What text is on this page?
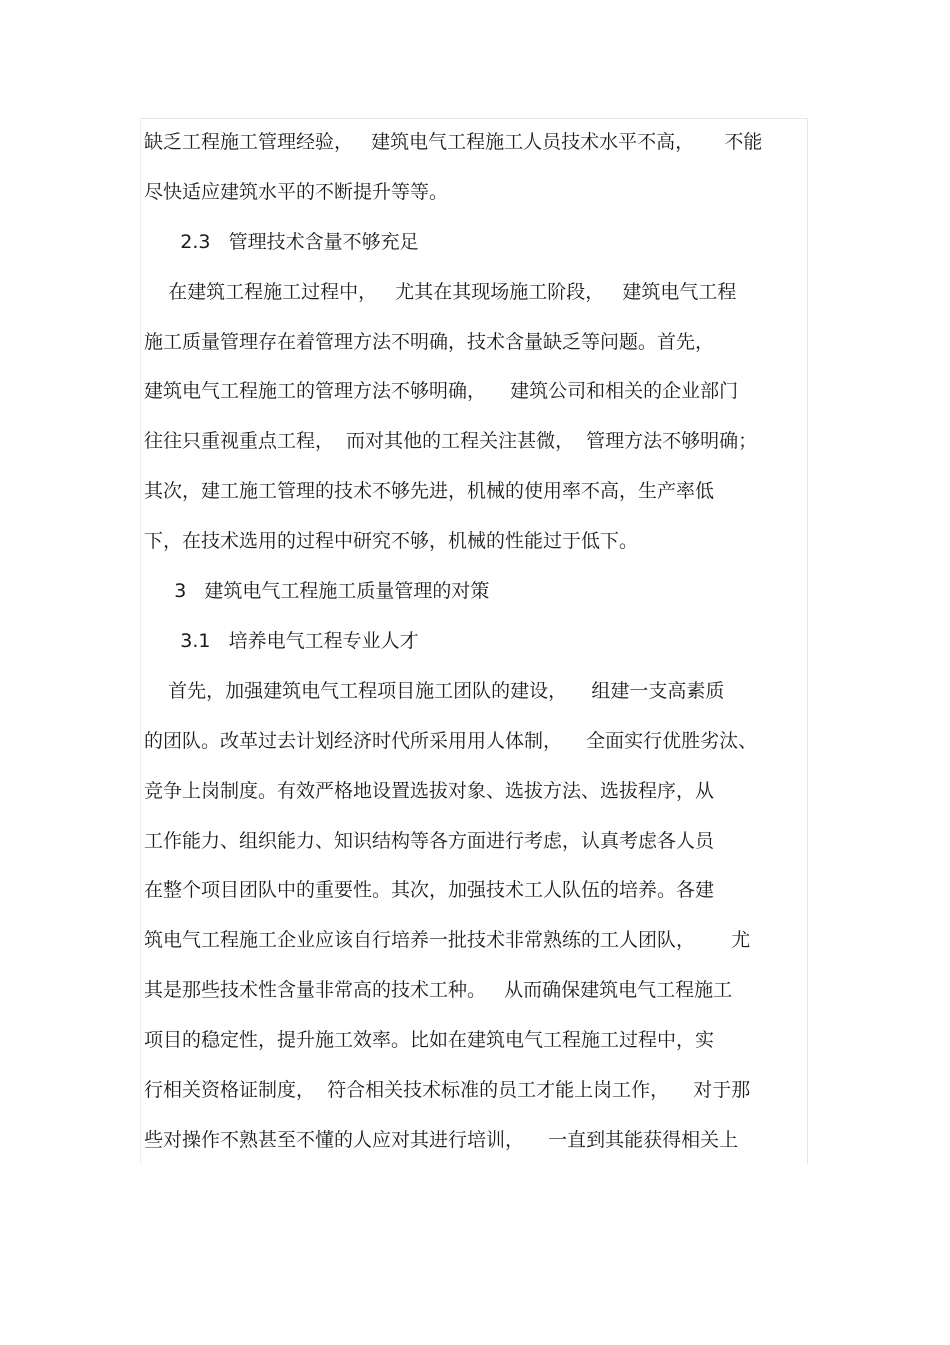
缺乏工程施工管理经验，   建筑电气工程施工人员技术水平不高，     不能
尽快适应建筑水平的不断提升等等。
2.3   管理技术含量不够充足
在建筑工程施工过程中，   尤其在其现场施工阶段，   建筑电气工程
施工质量管理存在着管理方法不明确，技术含量缺乏等问题。首先，
建筑电气工程施工的管理方法不够明确，    建筑公司和相关的企业部门
往往只重视重点工程，  而对其他的工程关注甚微，  管理方法不够明确；
其次，建工施工管理的技术不够先进，机械的使用率不高，生产率低
下，在技术选用的过程中研究不够，机械的性能过于低下。
3   建筑电气工程施工质量管理的对策
3.1   培养电气工程专业人才
首先，加强建筑电气工程项目施工团队的建设，    组建一支高素质
的团队。改革过去计划经济时代所采用用人体制，    全面实行优胜劣汰、
竞争上岗制度。有效严格地设置选拔对象、选拔方法、选拔程序，从
工作能力、组织能力、知识结构等各方面进行考虑，认真考虑各人员
在整个项目团队中的重要性。其次，加强技术工人队伍的培养。各建
筑电气工程施工企业应该自行培养一批技术非常熟练的工人团队，      尤
其是那些技术性含量非常高的技术工种。   从而确保建筑电气工程施工
项目的稳定性，提升施工效率。比如在建筑电气工程施工过程中，实
行相关资格证制度，  符合相关技术标准的员工才能上岗工作，    对于那
些对操作不熟甚至不懂的人应对其进行培训，    一直到其能获得相关上
